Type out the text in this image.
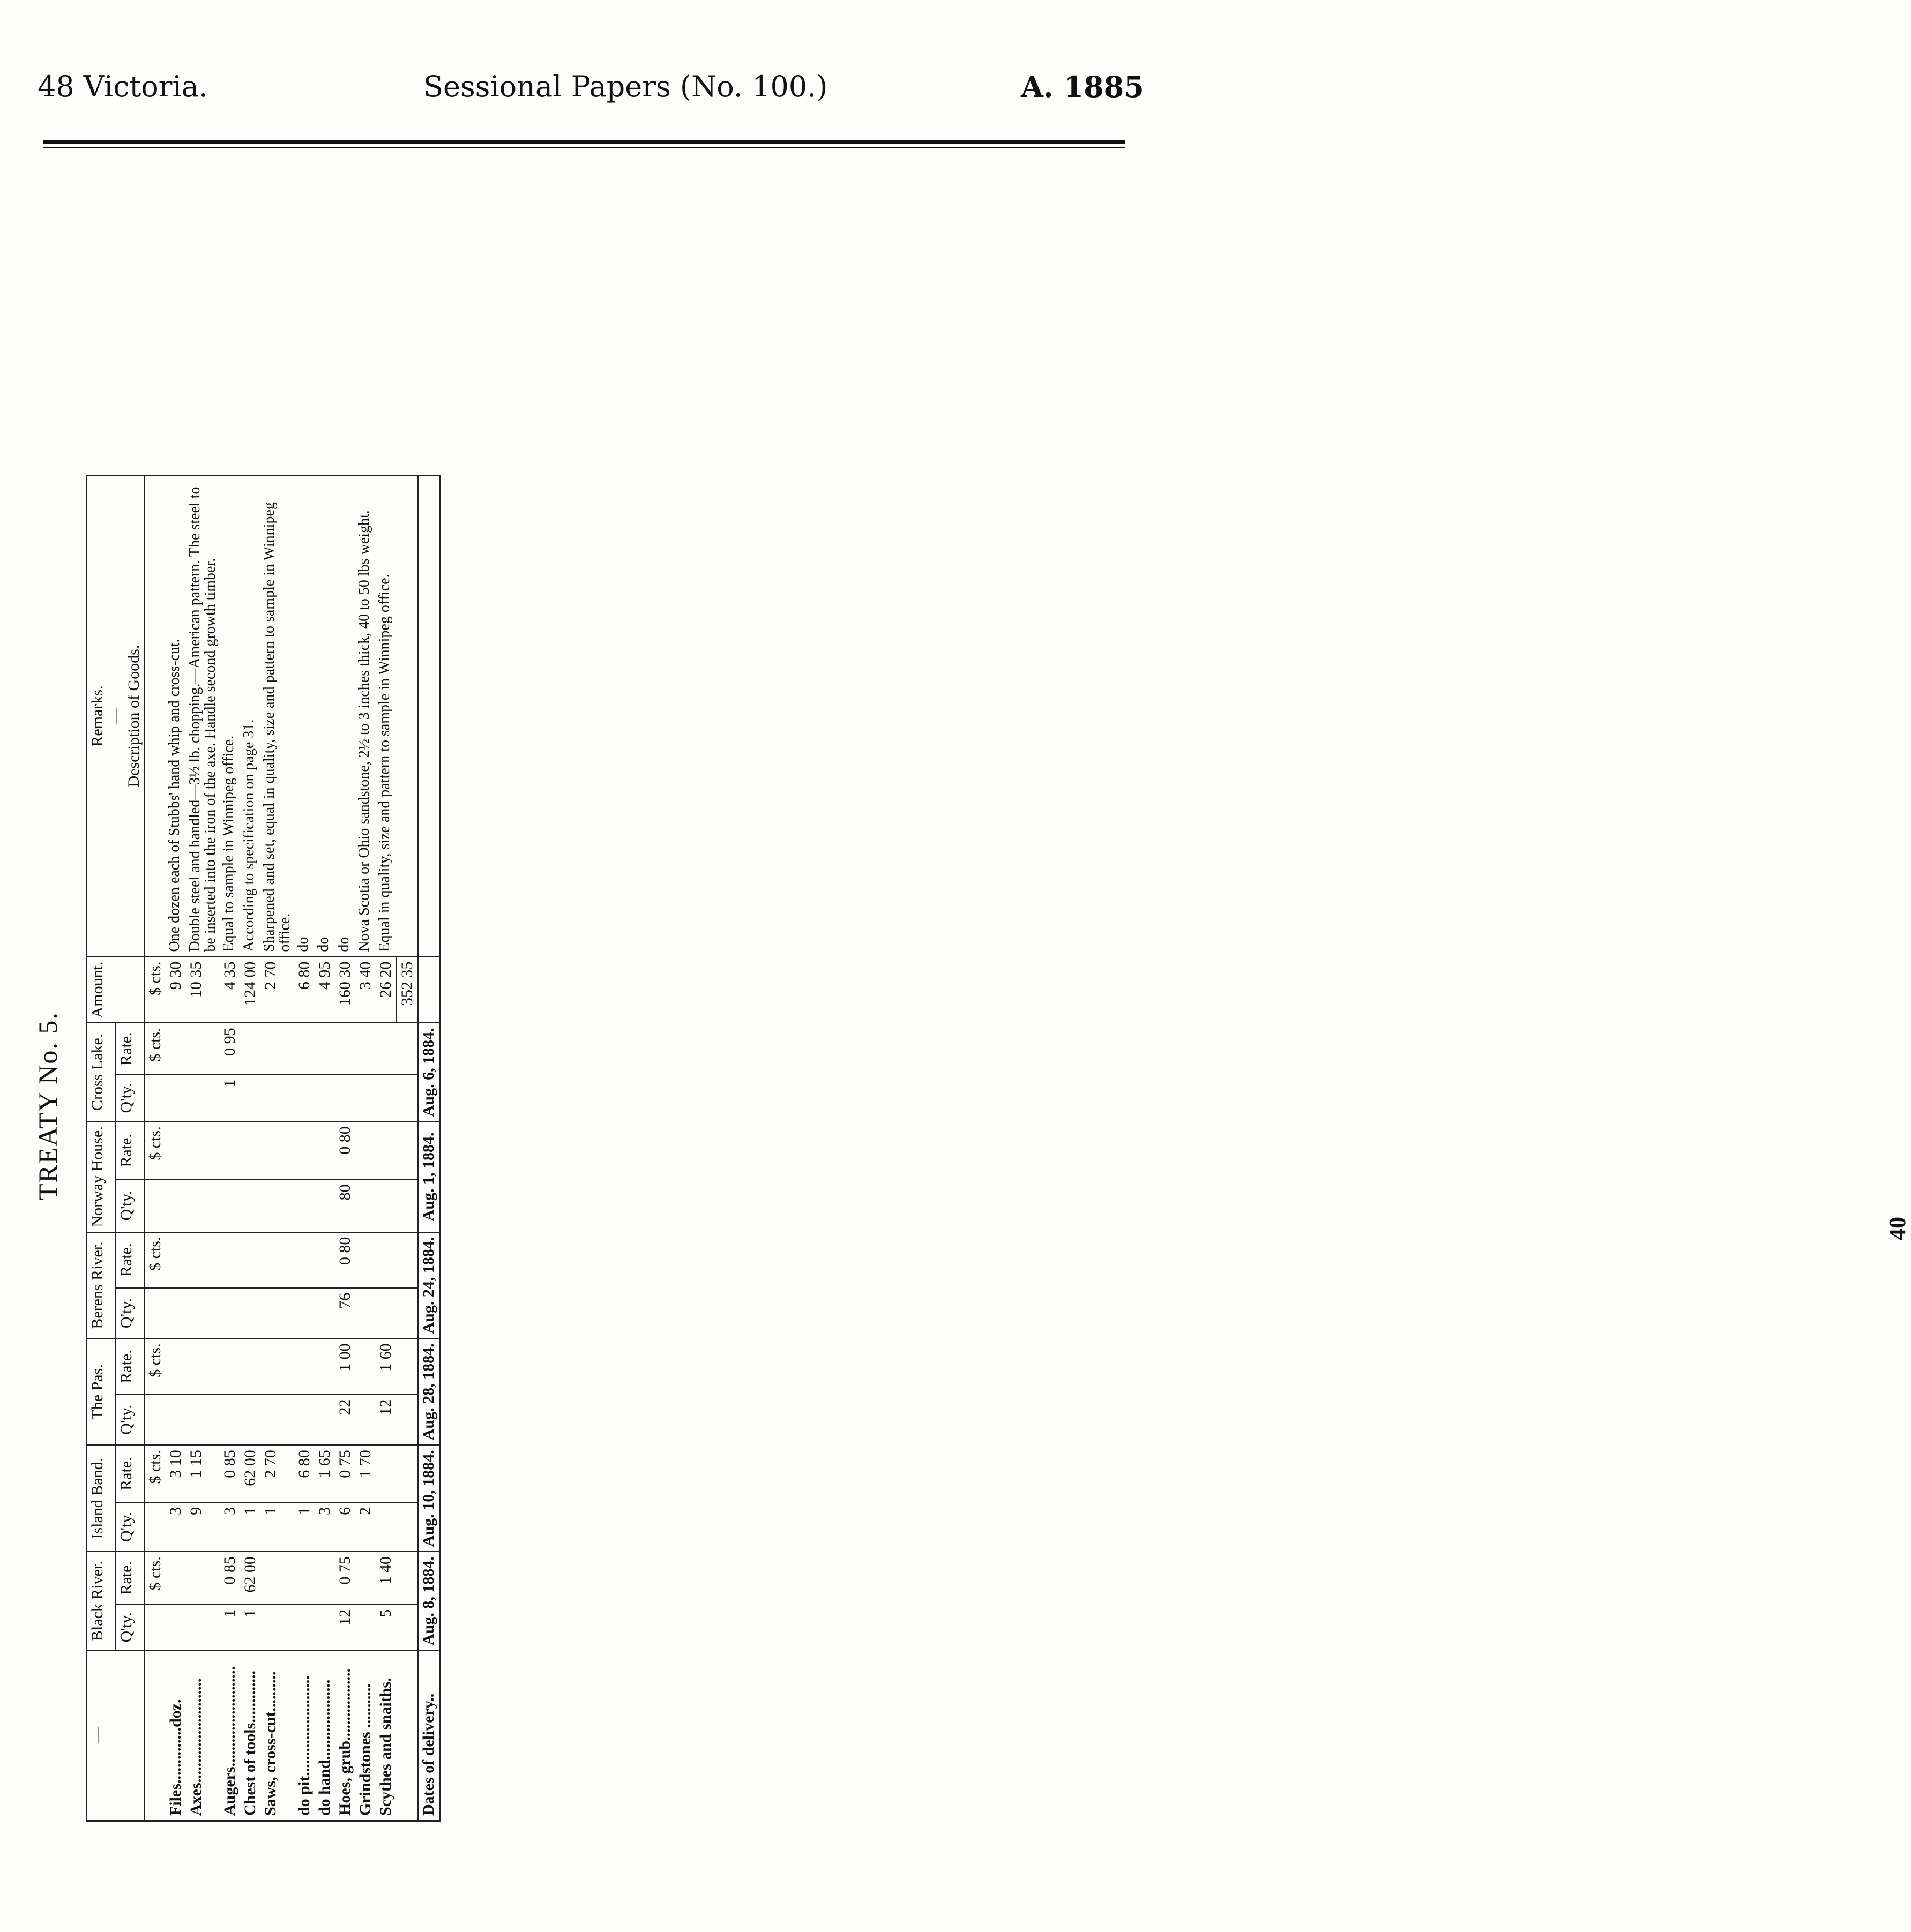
48 Victoria.	Sessional Papers (No. 100.)	A. 1885
TREATY No. 5.
—	Black River.		Island Band.		The Pas.		Berens River.		Norway House.		Cross Lake.		Amount.	Remarks. — Description of Goods.

	Q'ty.	Rate.	Q'ty.	Rate.	Q'ty.	Rate.	Q'ty.	Rate.	Q'ty.	Rate.	Q'ty.	Rate.		
		$ cts.		$ cts.		$ cts.		$ cts.		$ cts.		$ cts.	$ cts.	
Files..............doz.			3	3 10									9 30	One dozen each of Stubbs' hand whip and cross-cut.
Axes..........................			9	1 15									10 35	Double steel and handled—3½ lb. chopping.—American pattern. The steel to be inserted into the iron of the axe. Handle second growth timber.
Augers.........................	1	0 85	3	0 85							1	0 95	4 35	Equal to sample in Winnipeg office.
Chest of tools.............	1	62 00	1	62 00									124 00	According to specification on page 31.
Saws, cross-cut..........			1	2 70									2 70	Sharpened and set, equal in quality, size and pattern to sample in Winnipeg office.
do pit.........................			1	6 80									6 80	do
do hand....................			3	1 65									4 95	do
Hoes, grub..................	12	0 75	6	0 75	22	1 00	76	0 80	80	0 80			160 30	do
Grindstones ...........			2	1 70									3 40	Nova Scotia or Ohio sandstone, 2½ to 3 inches thick, 40 to 50 lbs weight.
Scythes and snaiths.	5	1 40			12	1 60							26 20	Equal in quality, size and pattern to sample in Winnipeg office.
													352 35	
Dates of delivery..	Aug. 8, 1884.		Aug. 10, 1884.		Aug. 28, 1884.		Aug. 24, 1884.		Aug. 1, 1884.		Aug. 6, 1884.			
40
